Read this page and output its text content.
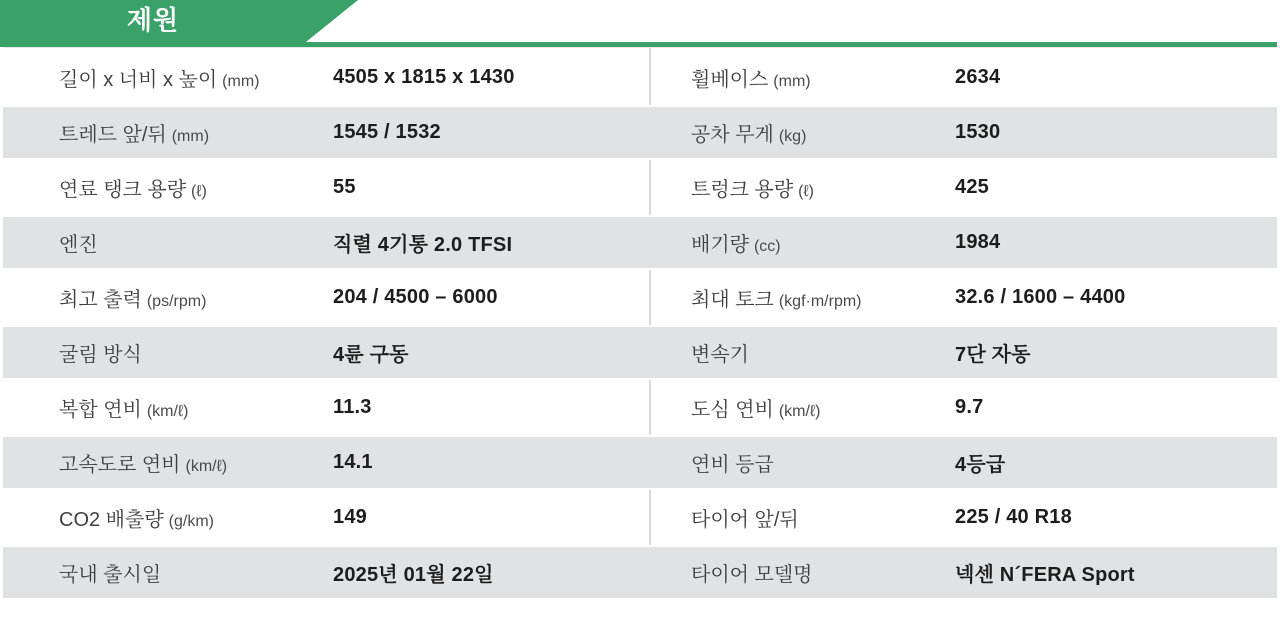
제원
길이 x 너비 x 높이 (mm)	4505 x 1815 x 1430	휠베이스 (mm)	2634
트레드 앞/뒤 (mm)	1545 / 1532	공차 무게 (kg)	1530
연료 탱크 용량 (ℓ)	55	트렁크 용량 (ℓ)	425
엔진	직렬 4기통 2.0 TFSI	배기량 (cc)	1984
최고 출력 (ps/rpm)	204 / 4500 – 6000	최대 토크 (kgf·m/rpm)	32.6 / 1600 – 4400
굴림 방식	4륜 구동	변속기	7단 자동
복합 연비 (km/ℓ)	11.3	도심 연비 (km/ℓ)	9.7
고속도로 연비 (km/ℓ)	14.1	연비 등급	4등급
CO2 배출량 (g/km)	149	타이어 앞/뒤	225 / 40 R18
국내 출시일	2025년 01월 22일	타이어 모델명	넥센 N´FERA Sport
